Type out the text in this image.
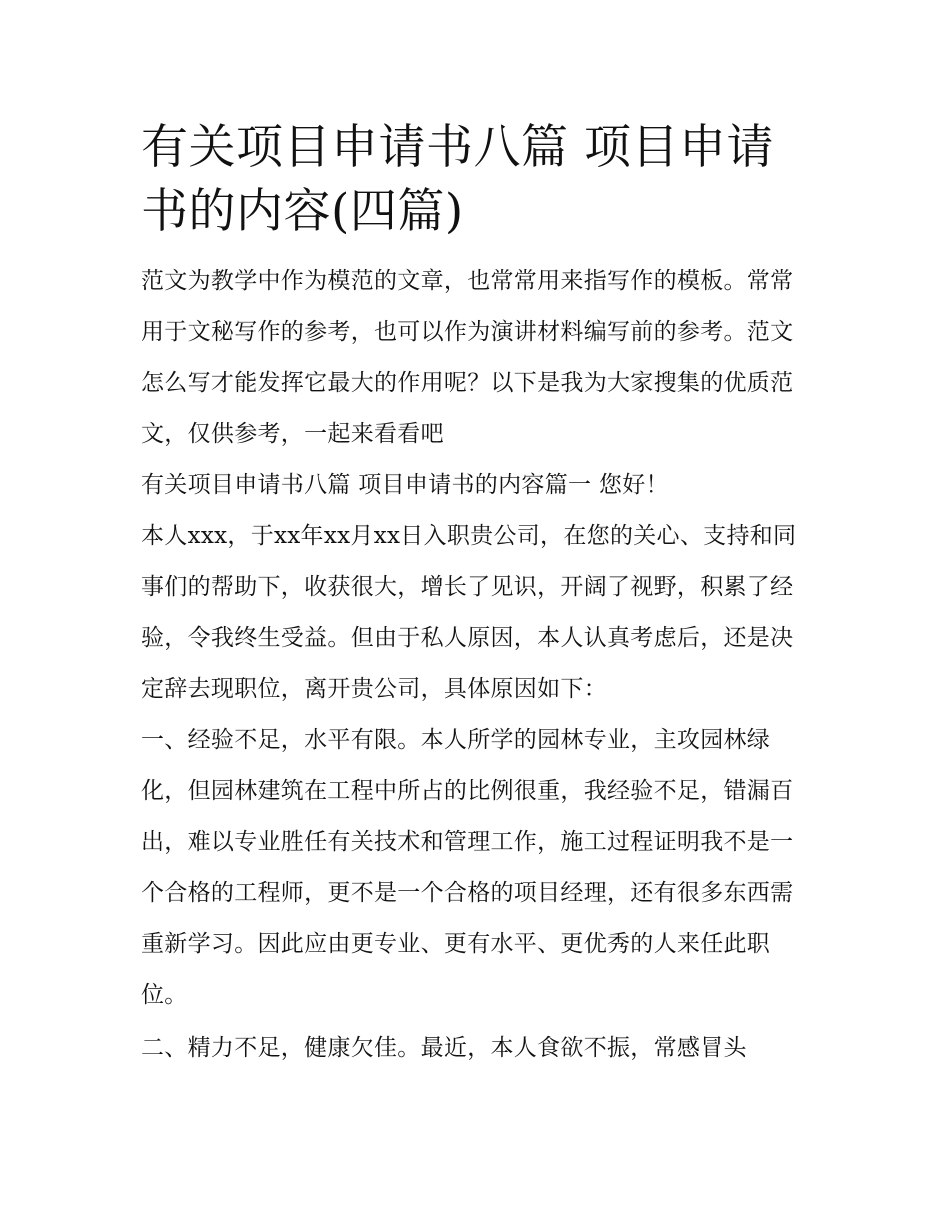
有关项目申请书八篇 项目申请书的内容(四篇)

范文为教学中作为模范的文章，也常常用来指写作的模板。常常用于文秘写作的参考，也可以作为演讲材料编写前的参考。范文怎么写才能发挥它最大的作用呢？以下是我为大家搜集的优质范文，仅供参考，一起来看看吧

有关项目申请书八篇 项目申请书的内容篇一 您好！

本人xxx，于xx年xx月xx日入职贵公司，在您的关心、支持和同事们的帮助下，收获很大，增长了见识，开阔了视野，积累了经验，令我终生受益。但由于私人原因，本人认真考虑后，还是决定辞去现职位，离开贵公司，具体原因如下：

一、经验不足，水平有限。本人所学的园林专业，主攻园林绿化，但园林建筑在工程中所占的比例很重，我经验不足，错漏百出，难以专业胜任有关技术和管理工作，施工过程证明我不是一个合格的工程师，更不是一个合格的项目经理，还有很多东西需重新学习。因此应由更专业、更有水平、更优秀的人来任此职位。

二、精力不足，健康欠佳。最近，本人食欲不振，常感冒头
